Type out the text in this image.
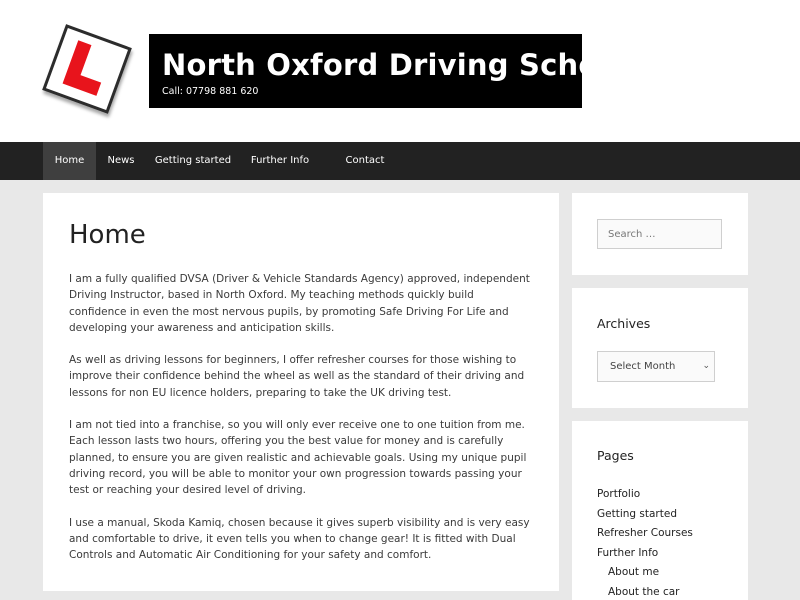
North Oxford Driving School
Call: 07798 881 620
Home	News	Getting started	Further Info	Contact
Home

I am a fully qualified DVSA (Driver & Vehicle Standards Agency) approved, independent Driving Instructor, based in North Oxford. My teaching methods quickly build confidence in even the most nervous pupils, by promoting Safe Driving For Life and developing your awareness and anticipation skills.

As well as driving lessons for beginners, I offer refresher courses for those wishing to improve their confidence behind the wheel as well as the standard of their driving and lessons for non EU licence holders, preparing to take the UK driving test.

I am not tied into a franchise, so you will only ever receive one to one tuition from me. Each lesson lasts two hours, offering you the best value for money and is carefully planned, to ensure you are given realistic and achievable goals. Using my unique pupil driving record, you will be able to monitor your own progression towards passing your test or reaching your desired level of driving.

I use a manual, Skoda Kamiq, chosen because it gives superb visibility and is very easy and comfortable to drive, it even tells you when to change gear! It is fitted with Dual Controls and Automatic Air Conditioning for your safety and comfort.

Search …
Archives
Select Month	⌄
Pages
Portfolio
Getting started
Refresher Courses
Further Info
About me
About the car
